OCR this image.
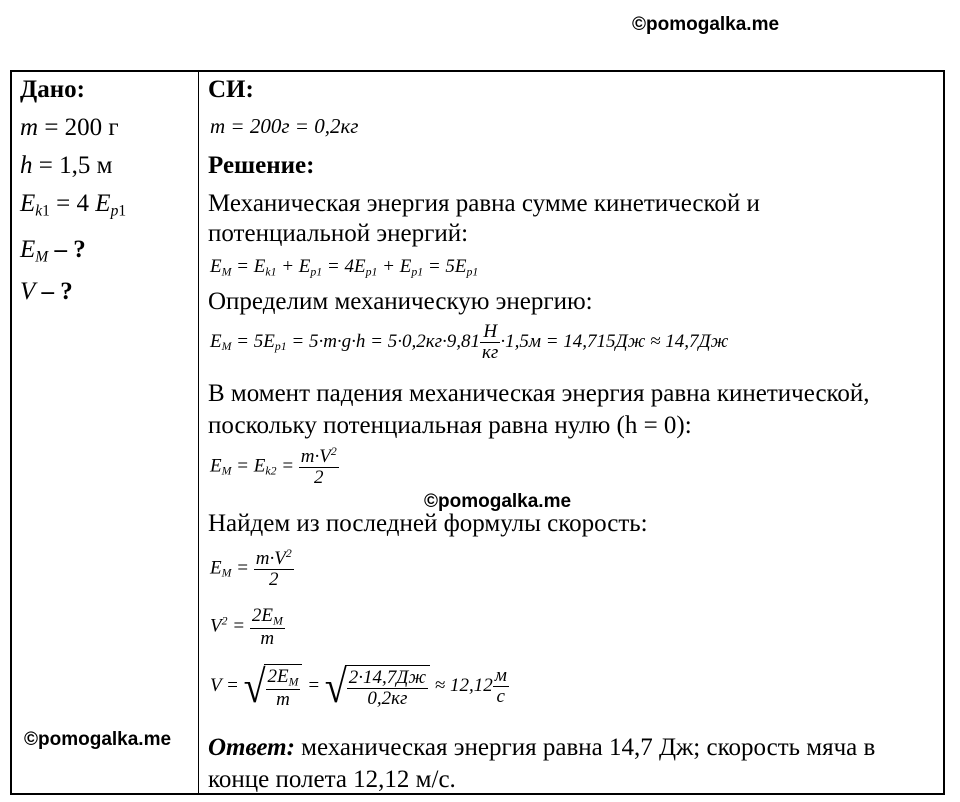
©pomogalka.me
Дано:
m = 200 г
h = 1,5 м
$E_{k1} = 4$ $E_{p1}$
$E_M$ – ?
V – ?
©pomogalka.me
СИ:
m = 200г = 0,2кг
Решение:
Механическая энергия равна сумме кинетической и
потенциальной энергий:
$E_M = E_{k1} + E_{p1} = 4E_{p1} + E_{p1} = 5E_{p1}$
Определим механическую энергию:
$E_M = 5E_{p1} = 5\cdot m\cdot g\cdot h = 5\cdot 0,2кг\cdot 9,81 \frac{Н}{кг} \cdot 1,5м = 14,715Дж \approx 14,7Дж$
В момент падения механическая энергия равна кинетической,
поскольку потенциальная равна нулю (h = 0):
$E_M = E_{k2} = \frac{m\cdot V^2}{2}$
©pomogalka.me
Найдем из последней формулы скорость:
$E_M = \frac{m\cdot V^2}{2}$
$V^2 = \frac{2E_M}{m}$
V = √ $\frac{2E_M}{m}$ = √ $\frac{2\cdot 14,7Дж}{0,2кг} \approx 12,12 \frac{м}{с}$
Ответ: механическая энергия равна 14,7 Дж; скорость мяча в
конце полета 12,12 м/с.
